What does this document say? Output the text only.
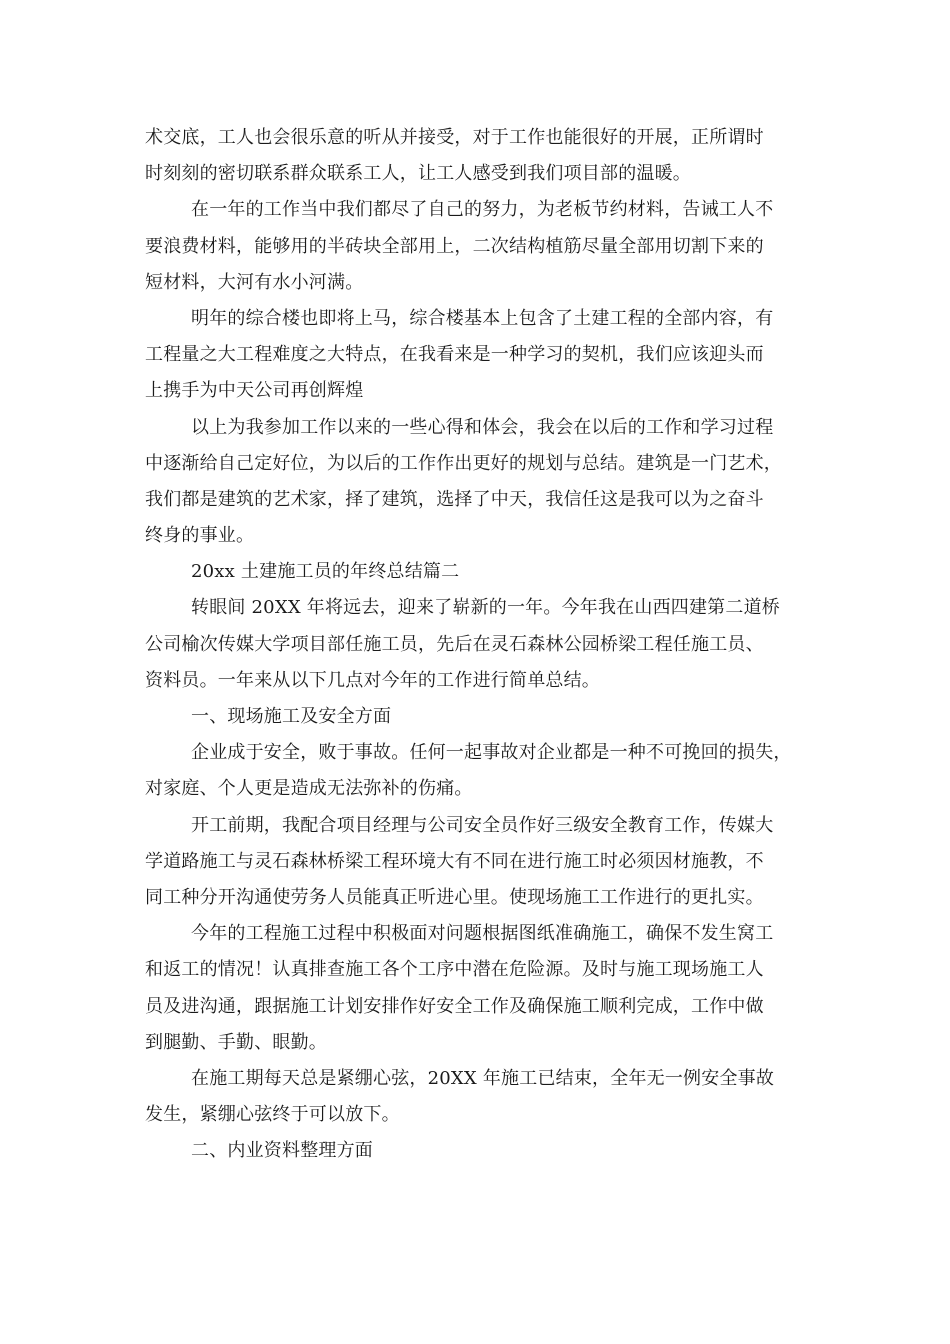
术交底，工人也会很乐意的听从并接受，对于工作也能很好的开展，正所谓时
时刻刻的密切联系群众联系工人，让工人感受到我们项目部的温暖。
在一年的工作当中我们都尽了自己的努力，为老板节约材料，告诫工人不
要浪费材料，能够用的半砖块全部用上，二次结构植筋尽量全部用切割下来的
短材料，大河有水小河满。
明年的综合楼也即将上马，综合楼基本上包含了土建工程的全部内容，有
工程量之大工程难度之大特点，在我看来是一种学习的契机，我们应该迎头而
上携手为中天公司再创辉煌
以上为我参加工作以来的一些心得和体会，我会在以后的工作和学习过程
中逐渐给自己定好位，为以后的工作作出更好的规划与总结。建筑是一门艺术，
我们都是建筑的艺术家，择了建筑，选择了中天，我信任这是我可以为之奋斗
终身的事业。
20xx 土建施工员的年终总结篇二
转眼间 20XX 年将远去，迎来了崭新的一年。今年我在山西四建第二道桥
公司榆次传媒大学项目部任施工员，先后在灵石森林公园桥梁工程任施工员、
资料员。一年来从以下几点对今年的工作进行简单总结。
一、现场施工及安全方面
企业成于安全，败于事故。任何一起事故对企业都是一种不可挽回的损失，
对家庭、个人更是造成无法弥补的伤痛。
开工前期，我配合项目经理与公司安全员作好三级安全教育工作，传媒大
学道路施工与灵石森林桥梁工程环境大有不同在进行施工时必须因材施教，不
同工种分开沟通使劳务人员能真正听进心里。使现场施工工作进行的更扎实。
今年的工程施工过程中积极面对问题根据图纸准确施工，确保不发生窝工
和返工的情况！认真排查施工各个工序中潜在危险源。及时与施工现场施工人
员及进沟通，跟据施工计划安排作好安全工作及确保施工顺利完成，工作中做
到腿勤、手勤、眼勤。
在施工期每天总是紧绷心弦，20XX 年施工已结束，全年无一例安全事故
发生，紧绷心弦终于可以放下。
二、内业资料整理方面
